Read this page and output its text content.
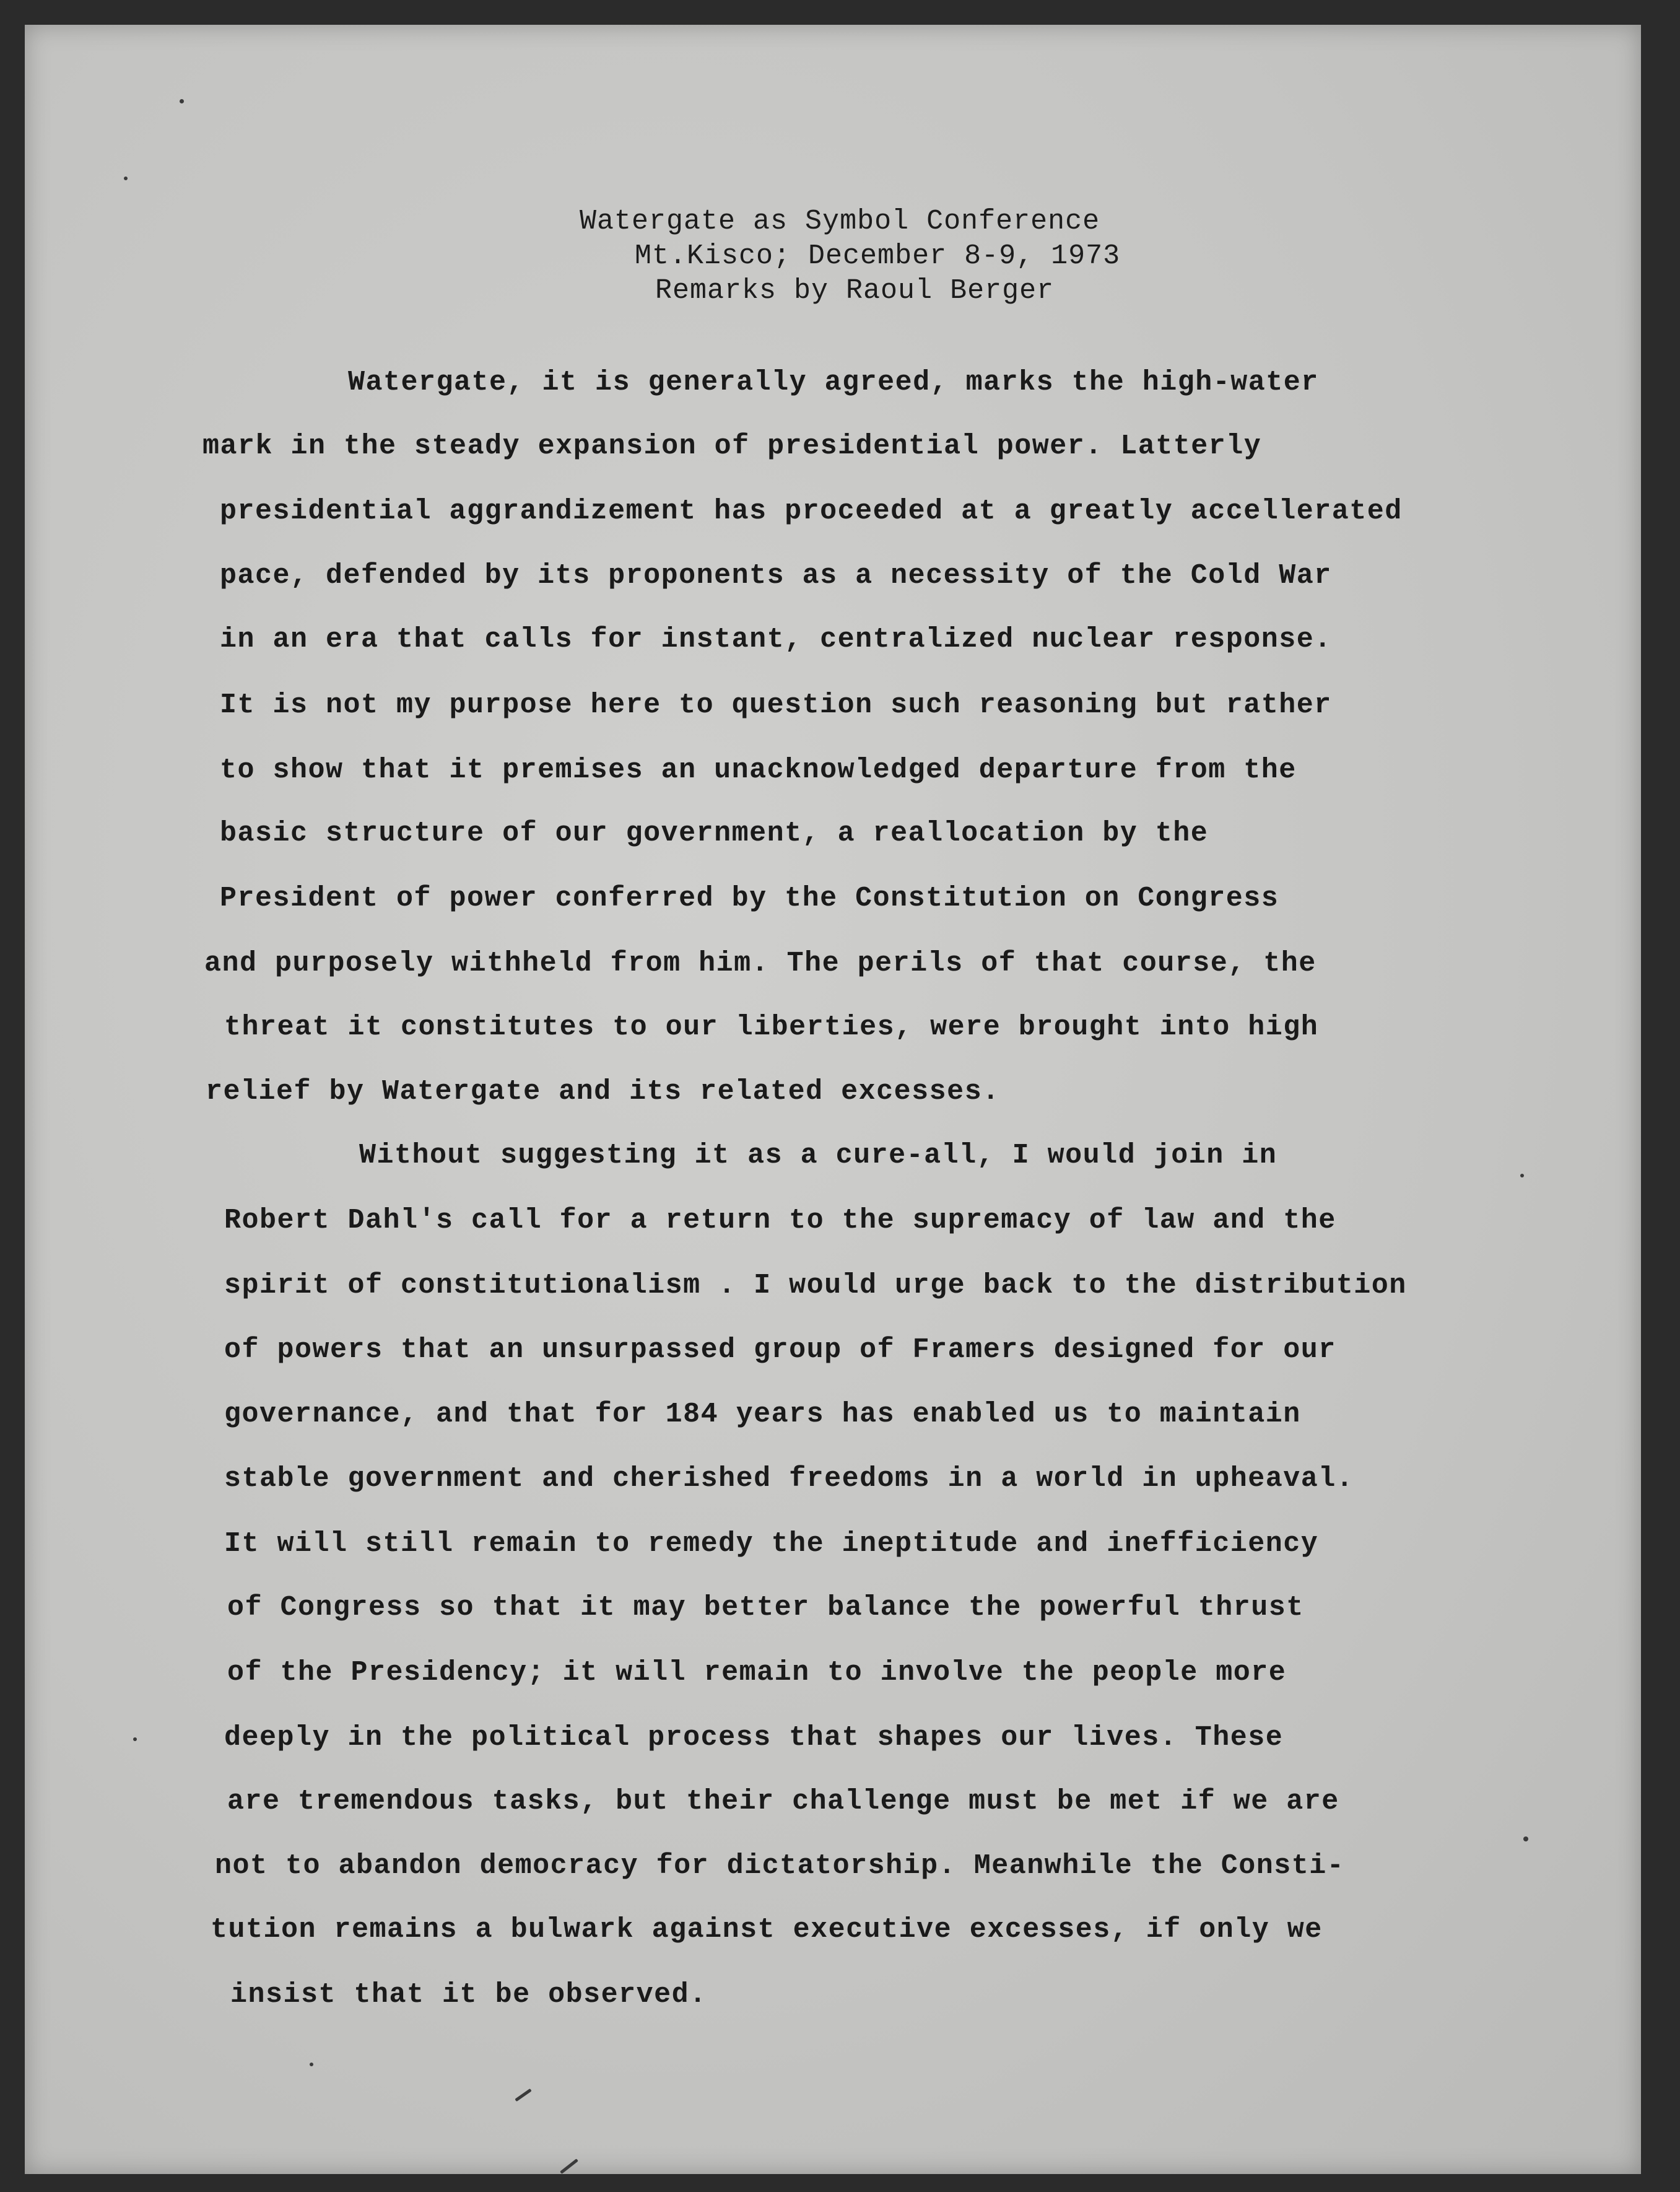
Watergate as Symbol Conference
Mt.Kisco; December 8-9, 1973
Remarks by Raoul Berger
Watergate, it is generally agreed, marks the high-water
mark in the steady expansion of presidential power. Latterly
presidential aggrandizement has proceeded at a greatly accellerated
pace, defended by its proponents as a necessity of the Cold War
in an era that calls for instant, centralized nuclear response.
It is not my purpose here to question such reasoning but rather
to show that it premises an unacknowledged departure from the
basic structure of our government, a reallocation by the
President of power conferred by the Constitution on Congress
and purposely withheld from him. The perils of that course, the
threat it constitutes to our liberties, were brought into high
relief by Watergate and its related excesses.
Without suggesting it as a cure-all, I would join in
Robert Dahl's call for a return to the supremacy of law and the
spirit of constitutionalism . I would urge back to the distribution
of powers that an unsurpassed group of Framers designed for our
governance, and that for 184 years has enabled us to maintain
stable government and cherished freedoms in a world in upheaval.
It will still remain to remedy the ineptitude and inefficiency
of Congress so that it may better balance the powerful thrust
of the Presidency; it will remain to involve the people more
deeply in the political process that shapes our lives. These
are tremendous tasks, but their challenge must be met if we are
not to abandon democracy for dictatorship. Meanwhile the Consti-
tution remains a bulwark against executive excesses, if only we
insist that it be observed.
